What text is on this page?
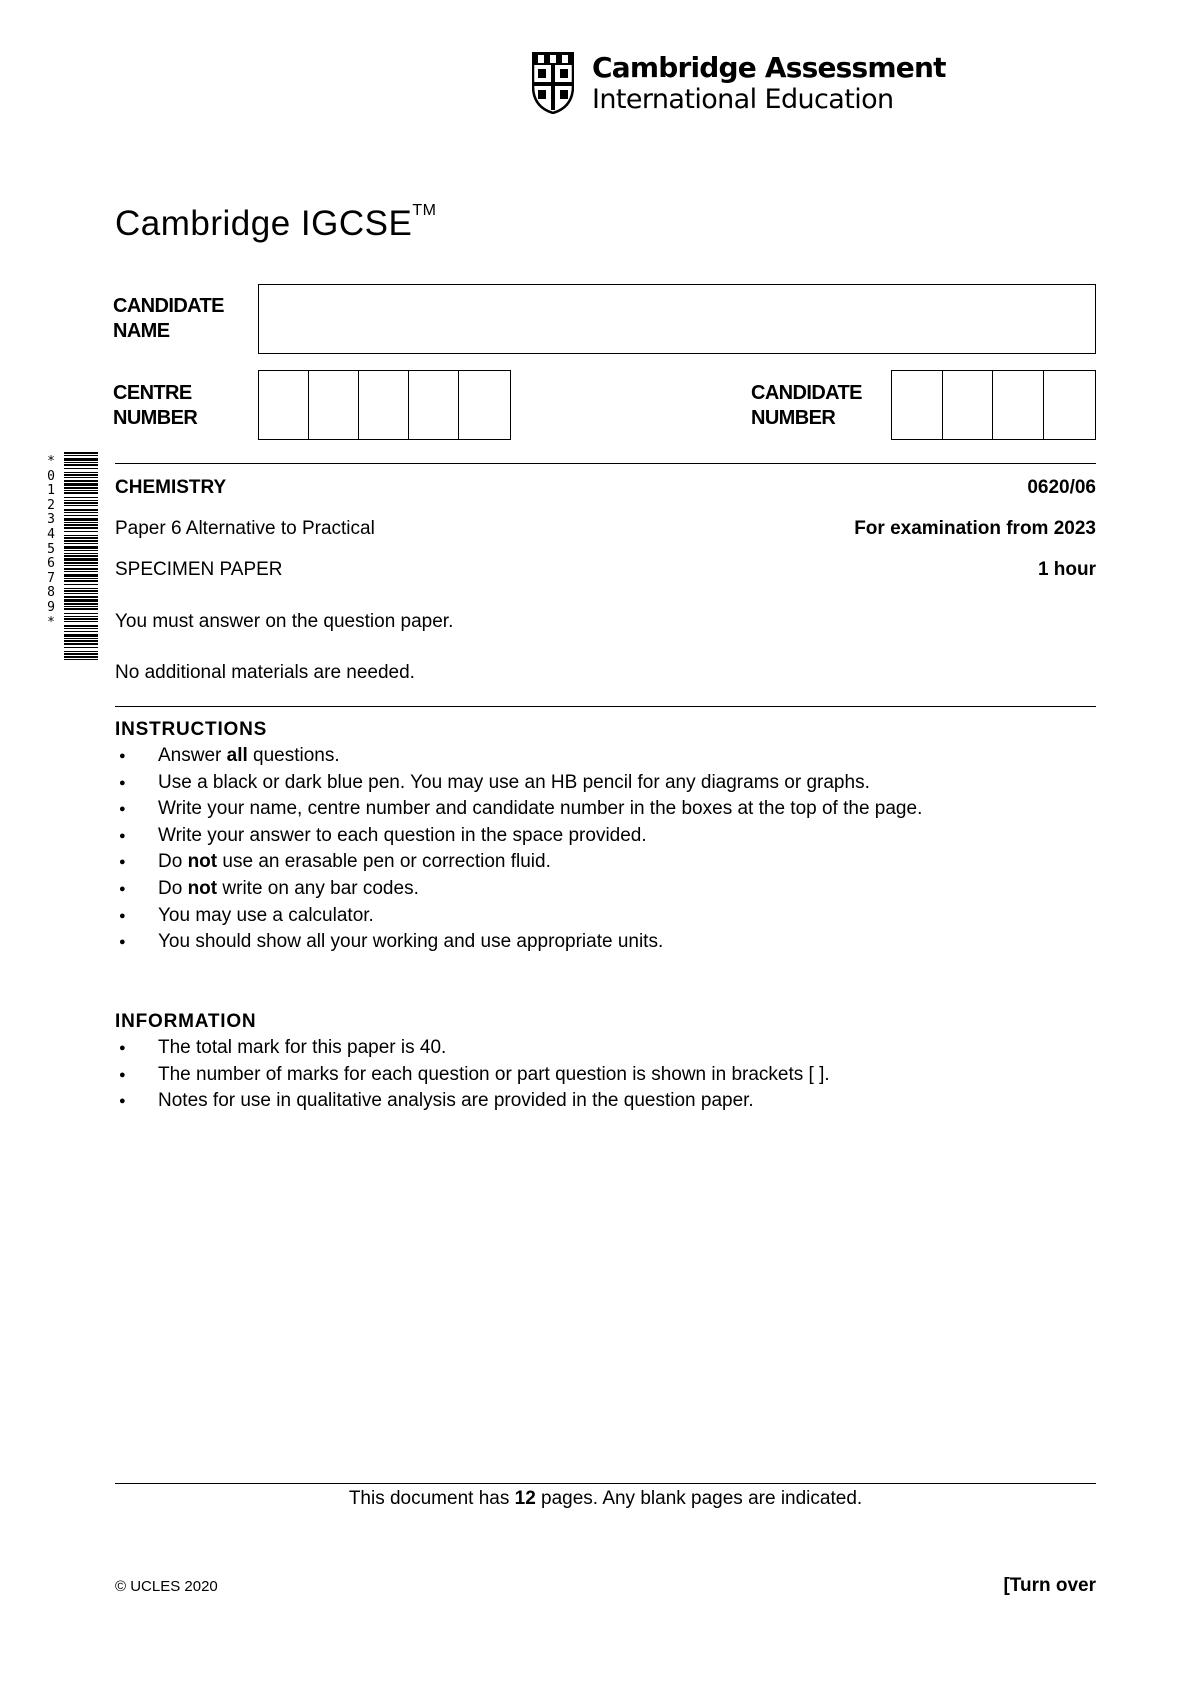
Cambridge Assessment
International Education
Cambridge IGCSE™
CANDIDATE
NAME
CENTRE
NUMBER
CANDIDATE
NUMBER
*
0
1
2
3
4
5
6
7
8
9
*
CHEMISTRY	0620/06
Paper 6 Alternative to Practical	For examination from 2023
SPECIMEN PAPER	1 hour
You must answer on the question paper.
No additional materials are needed.
INSTRUCTIONS
● Answer all questions.
● Use a black or dark blue pen. You may use an HB pencil for any diagrams or graphs.
● Write your name, centre number and candidate number in the boxes at the top of the page.
● Write your answer to each question in the space provided.
● Do not use an erasable pen or correction fluid.
● Do not write on any bar codes.
● You may use a calculator.
● You should show all your working and use appropriate units.
INFORMATION
● The total mark for this paper is 40.
● The number of marks for each question or part question is shown in brackets [ ].
● Notes for use in qualitative analysis are provided in the question paper.
This document has 12 pages. Any blank pages are indicated.
© UCLES 2020	[Turn over
